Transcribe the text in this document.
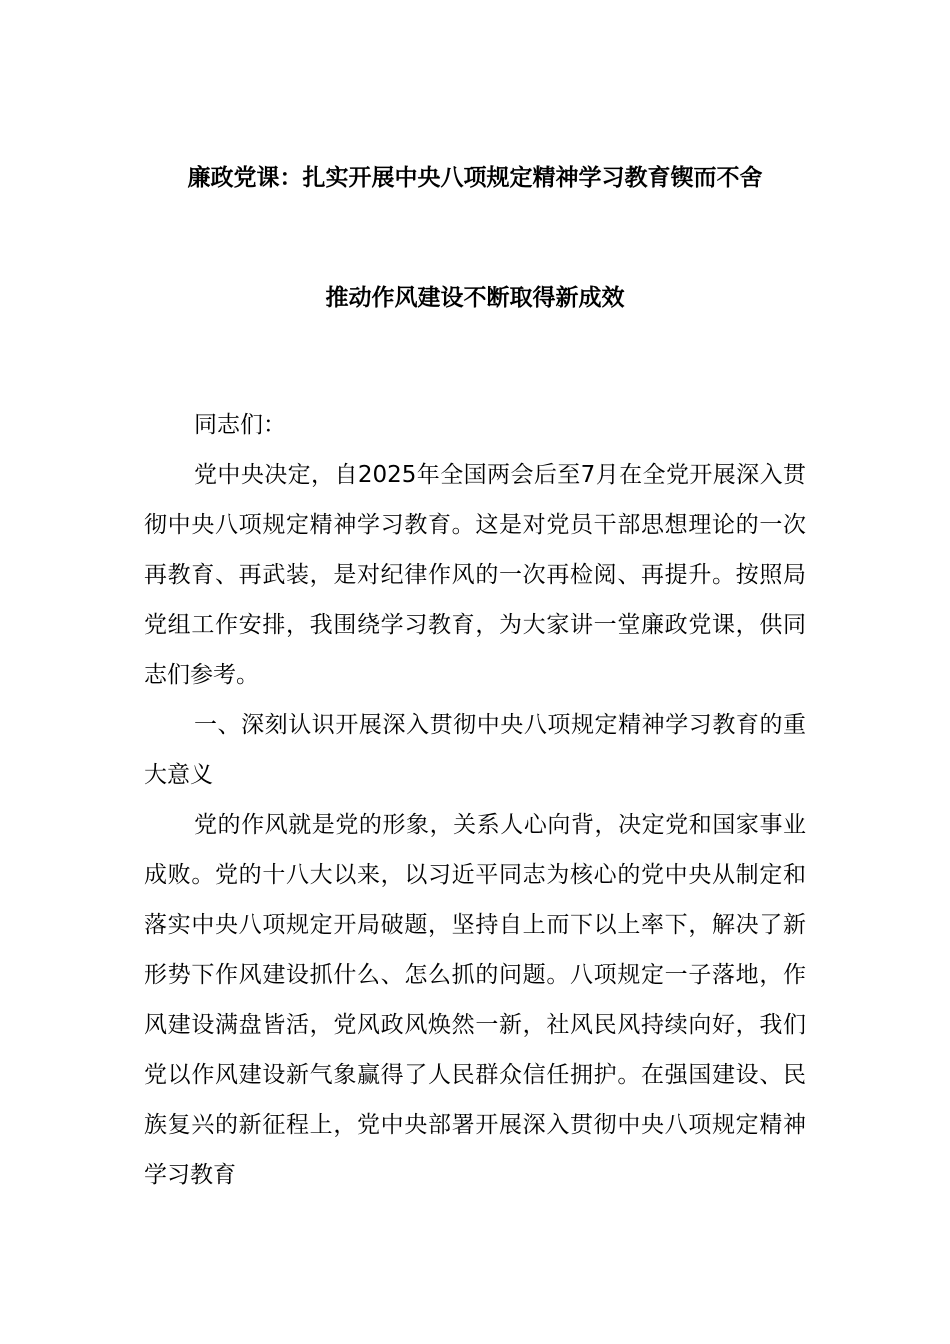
廉政党课：扎实开展中央八项规定精神学习教育锲而不舍
推动作风建设不断取得新成效

同志们：

党中央决定，自2025年全国两会后至7月在全党开展深入贯彻中央八项规定精神学习教育。这是对党员干部思想理论的一次再教育、再武装，是对纪律作风的一次再检阅、再提升。按照局党组工作安排，我围绕学习教育，为大家讲一堂廉政党课，供同志们参考。

一、深刻认识开展深入贯彻中央八项规定精神学习教育的重大意义

党的作风就是党的形象，关系人心向背，决定党和国家事业成败。党的十八大以来，以习近平同志为核心的党中央从制定和落实中央八项规定开局破题，坚持自上而下以上率下，解决了新形势下作风建设抓什么、怎么抓的问题。八项规定一子落地，作风建设满盘皆活，党风政风焕然一新，社风民风持续向好，我们党以作风建设新气象赢得了人民群众信任拥护。在强国建设、民族复兴的新征程上，党中央部署开展深入贯彻中央八项规定精神学习教育
